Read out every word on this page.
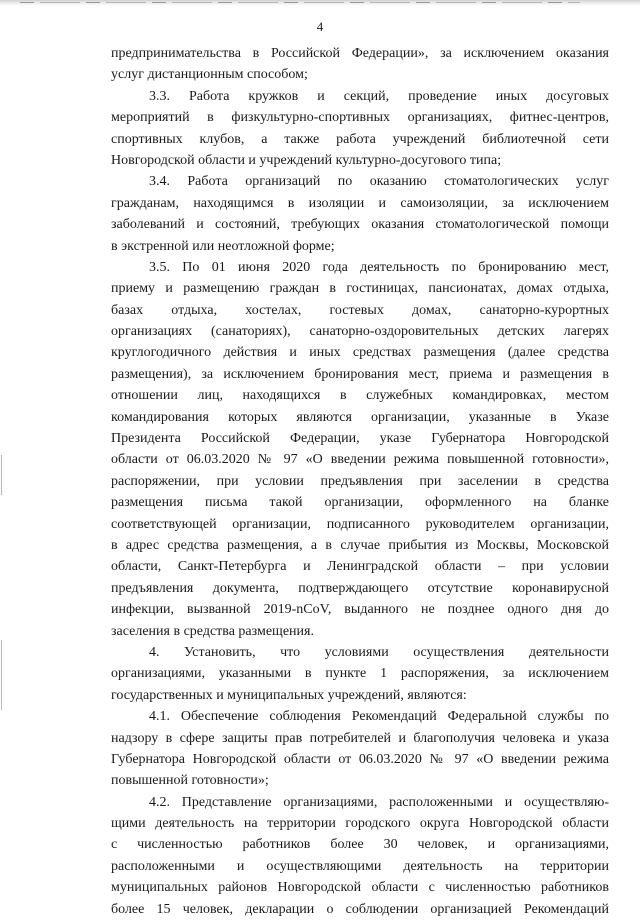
4
предпринимательства в Российской Федерации», за исключением оказания
услуг дистанционным способом;
3.3. Работа кружков и секций, проведение иных досуговых
мероприятий в физкультурно-спортивных организациях, фитнес-центров,
спортивных клубов, а также работа учреждений библиотечной сети
Новгородской области и учреждений культурно-досугового типа;
3.4. Работа организаций по оказанию стоматологических услуг
гражданам, находящимся в изоляции и самоизоляции, за исключением
заболеваний и состояний, требующих оказания стоматологической помощи
в экстренной или неотложной форме;
3.5. По 01 июня 2020 года деятельность по бронированию мест,
приему и размещению граждан в гостиницах, пансионатах, домах отдыха,
базах отдыха, хостелах, гостевых домах, санаторно-курортных
организациях (санаториях), санаторно-оздоровительных детских лагерях
круглогодичного действия и иных средствах размещения (далее средства
размещения), за исключением бронирования мест, приема и размещения в
отношении лиц, находящихся в служебных командировках, местом
командирования которых являются организации, указанные в Указе
Президента Российской Федерации, указе Губернатора Новгородской
области от 06.03.2020 № 97 «О введении режима повышенной готовности»,
распоряжении, при условии предъявления при заселении в средства
размещения письма такой организации, оформленного на бланке
соответствующей организации, подписанного руководителем организации,
в адрес средства размещения, а в случае прибытия из Москвы, Московской
области, Санкт-Петербурга и Ленинградской области – при условии
предъявления документа, подтверждающего отсутствие коронавирусной
инфекции, вызванной 2019-nCoV, выданного не позднее одного дня до
заселения в средства размещения.
4. Установить, что условиями осуществления деятельности
организациями, указанными в пункте 1 распоряжения, за исключением
государственных и муниципальных учреждений, являются:
4.1. Обеспечение соблюдения Рекомендаций Федеральной службы по
надзору в сфере защиты прав потребителей и благополучия человека и указа
Губернатора Новгородской области от 06.03.2020 № 97 «О введении режима
повышенной готовности»;
4.2. Представление организациями, расположенными и осуществляю-
щими деятельность на территории городского округа Новгородской области
с численностью работников более 30 человек, и организациями,
расположенными и осуществляющими деятельность на территории
муниципальных районов Новгородской области с численностью работников
более 15 человек, декларации о соблюдении организацией Рекомендаций
